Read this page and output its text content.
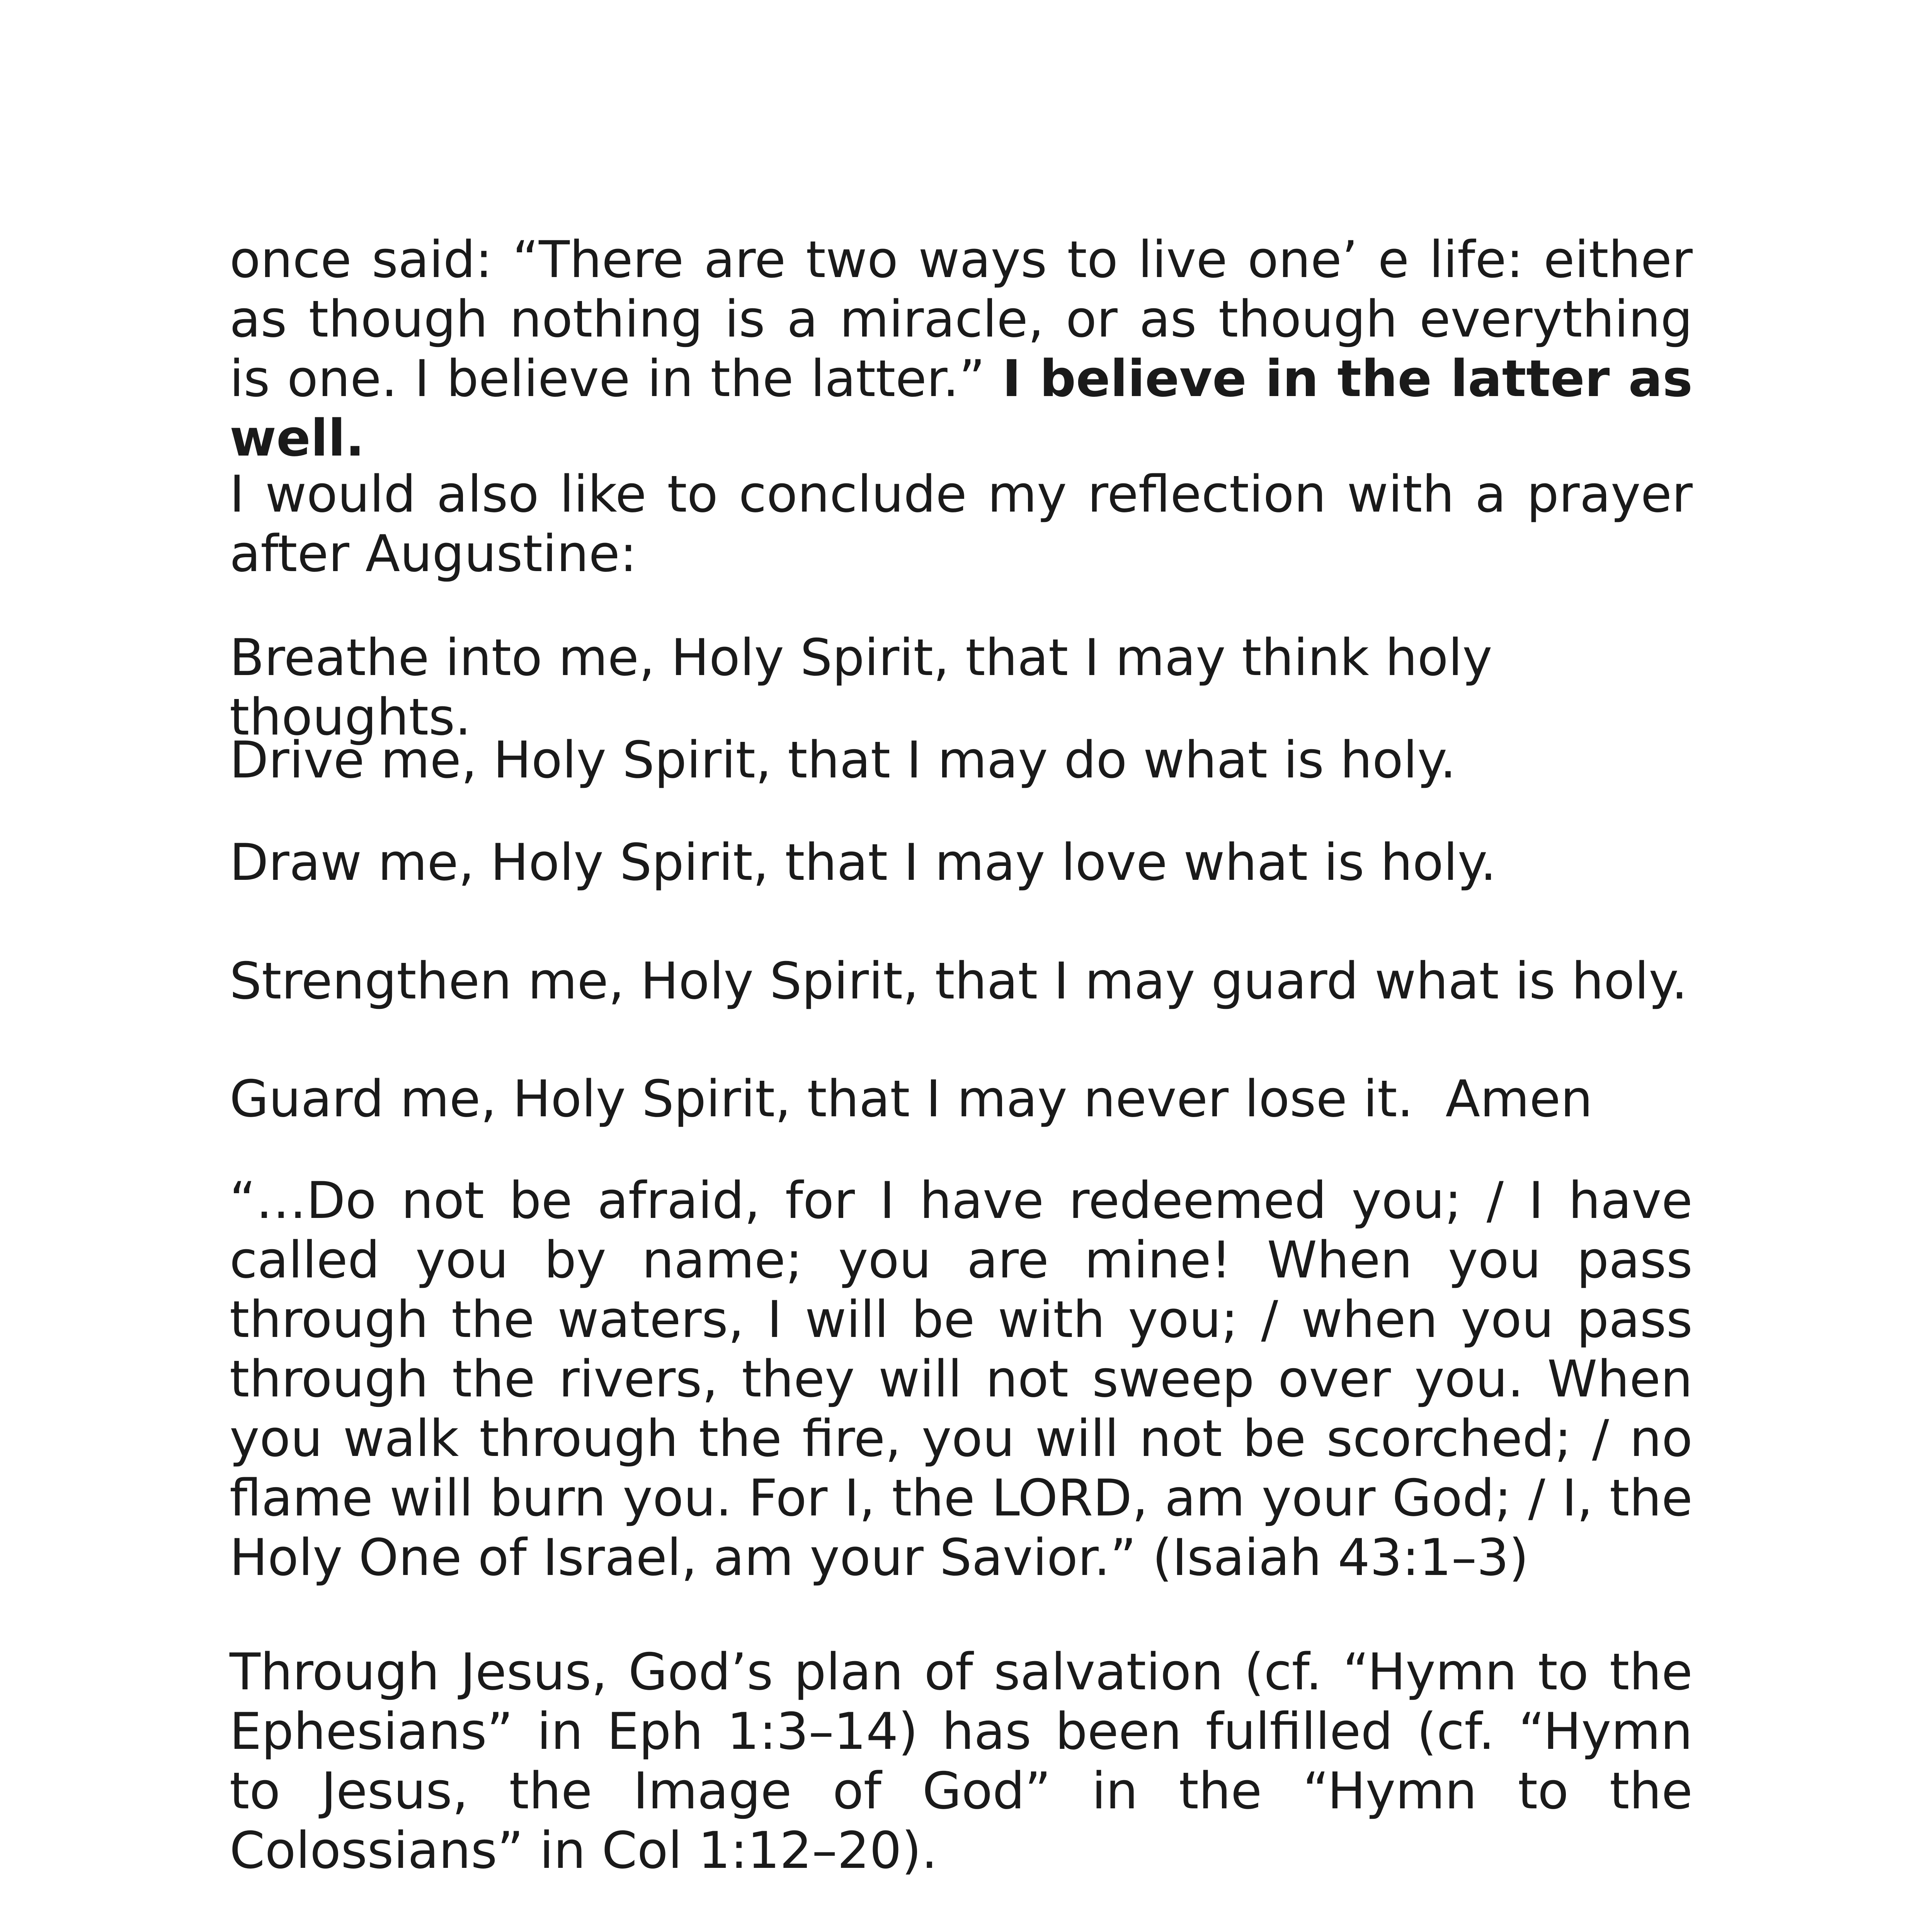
once said: “There are two ways to live one’ e life: either as though nothing is a miracle, or as though everything is one. I believe in the latter.” I believe in the latter as well.

I would also like to conclude my reflection with a prayer after Augustine:

Breathe into me, Holy Spirit, that I may think holy thoughts.

Drive me, Holy Spirit, that I may do what is holy.

Draw me, Holy Spirit, that I may love what is holy.

Strengthen me, Holy Spirit, that I may guard what is holy.

Guard me, Holy Spirit, that I may never lose it.  Amen

“…Do not be afraid, for I have redeemed you; / I have called you by name; you are mine! When you pass through the waters, I will be with you; / when you pass through the rivers, they will not sweep over you. When you walk through the fire, you will not be scorched; / no flame will burn you. For I, the LORD, am your God; / I, the Holy One of Israel, am your Savior.” (Isaiah 43:1–3)

Through Jesus, God’s plan of salvation (cf. “Hymn to the Ephesians” in Eph 1:3–14) has been fulfilled (cf. “Hymn to Jesus, the Image of God” in the “Hymn to the Colossians” in Col 1:12–20).
